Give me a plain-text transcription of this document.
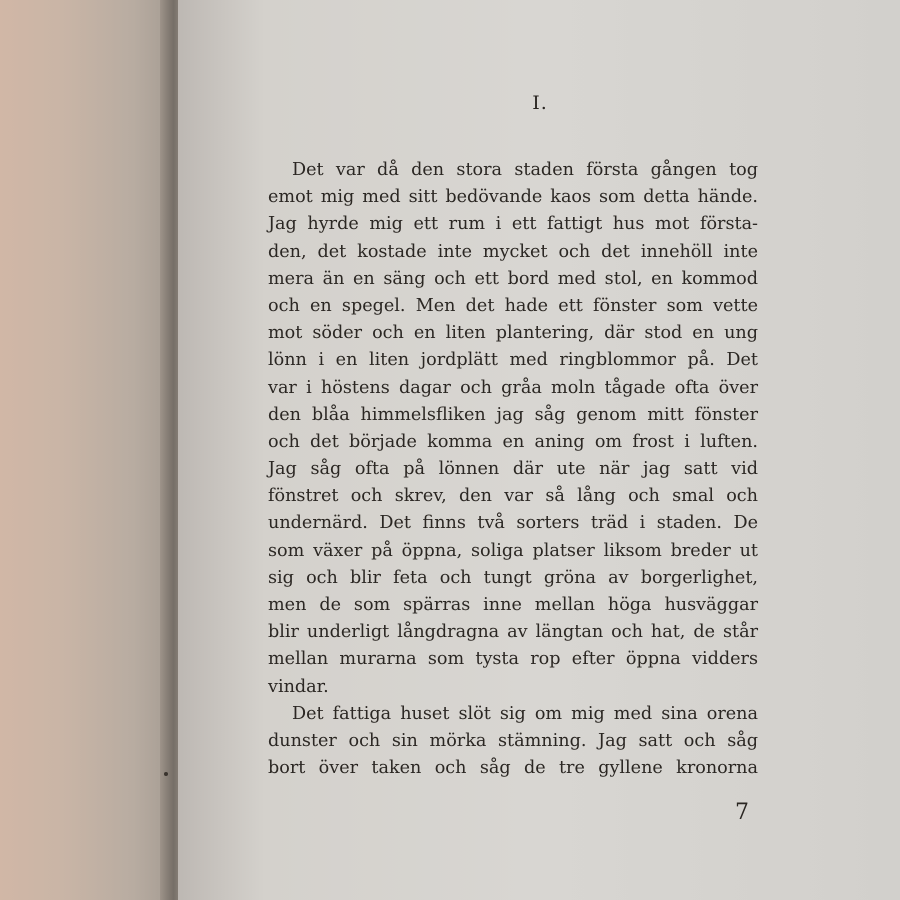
I.
Det var då den stora staden första gången tog
emot mig med sitt bedövande kaos som detta hände.
Jag hyrde mig ett rum i ett fattigt hus mot förstа-
den, det kostade inte mycket och det innehöll inte
mera än en säng och ett bord med stol, en kommod
och en spegel. Men det hade ett fönster som vette
mot söder och en liten plantering, där stod en ung
lönn i en liten jordplätt med ringblommor på. Det
var i höstens dagar och gråa moln tågade ofta över
den blåa himmelsfliken jag såg genom mitt fönster
och det började komma en aning om frost i luften.
Jag såg ofta på lönnen där ute när jag satt vid
fönstret och skrev, den var så lång och smal och
undernärd. Det finns två sorters träd i staden. De
som växer på öppna, soliga platser liksom breder ut
sig och blir feta och tungt gröna av borgerlighet,
men de som spärras inne mellan höga husväggar
blir underligt långdragna av längtan och hat, de står
mellan murarna som tysta rop efter öppna vidders
vindar.
Det fattiga huset slöt sig om mig med sina orena
dunster och sin mörka stämning. Jag satt och såg
bort över taken och såg de tre gyllene kronorna
7
